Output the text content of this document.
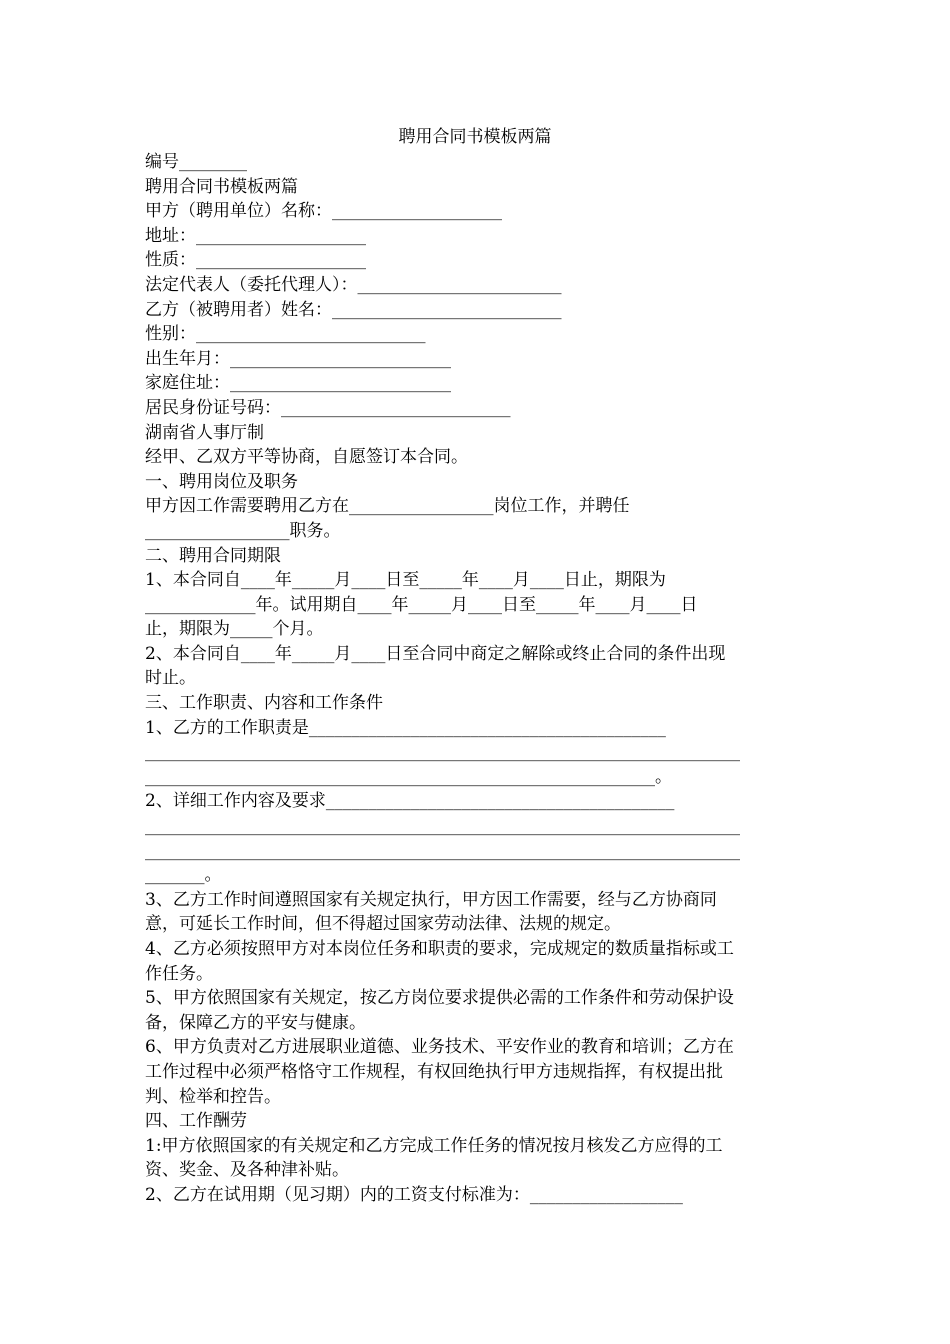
聘用合同书模板两篇

编号________

聘用合同书模板两篇

甲方（聘用单位）名称：____________________

地址：____________________

性质：____________________

法定代表人（委托代理人）：________________________

乙方（被聘用者）姓名：___________________________

性别：___________________________

出生年月：__________________________

家庭住址：__________________________

居民身份证号码：___________________________

湖南省人事厅制

经甲、乙双方平等协商，自愿签订本合同。

一、聘用岗位及职务

甲方因工作需要聘用乙方在_________________岗位工作，并聘任

_________________职务。

二、聘用合同期限

1、本合同自____年_____月____日至_____年____月____日止，期限为

_____________年。试用期自____年_____月____日至_____年____月____日

止，期限为_____个月。

2、本合同自____年_____月____日至合同中商定之解除或终止合同的条件出现

时止。

三、工作职责、内容和工作条件

1、乙方的工作职责是__________________________________________

______________________________________________________________________

____________________________________________________________。

2、详细工作内容及要求_________________________________________

______________________________________________________________________

______________________________________________________________________

_______。

3、乙方工作时间遵照国家有关规定执行，甲方因工作需要，经与乙方协商同

意，可延长工作时间，但不得超过国家劳动法律、法规的规定。

4、乙方必须按照甲方对本岗位任务和职责的要求，完成规定的数质量指标或工

作任务。

5、甲方依照国家有关规定，按乙方岗位要求提供必需的工作条件和劳动保护设

备，保障乙方的平安与健康。

6、甲方负责对乙方进展职业道德、业务技术、平安作业的教育和培训；乙方在

工作过程中必须严格恪守工作规程，有权回绝执行甲方违规指挥，有权提出批

判、检举和控告。

四、工作酬劳

1:甲方依照国家的有关规定和乙方完成工作任务的情况按月核发乙方应得的工

资、奖金、及各种津补贴。

2、乙方在试用期（见习期）内的工资支付标准为：__________________
